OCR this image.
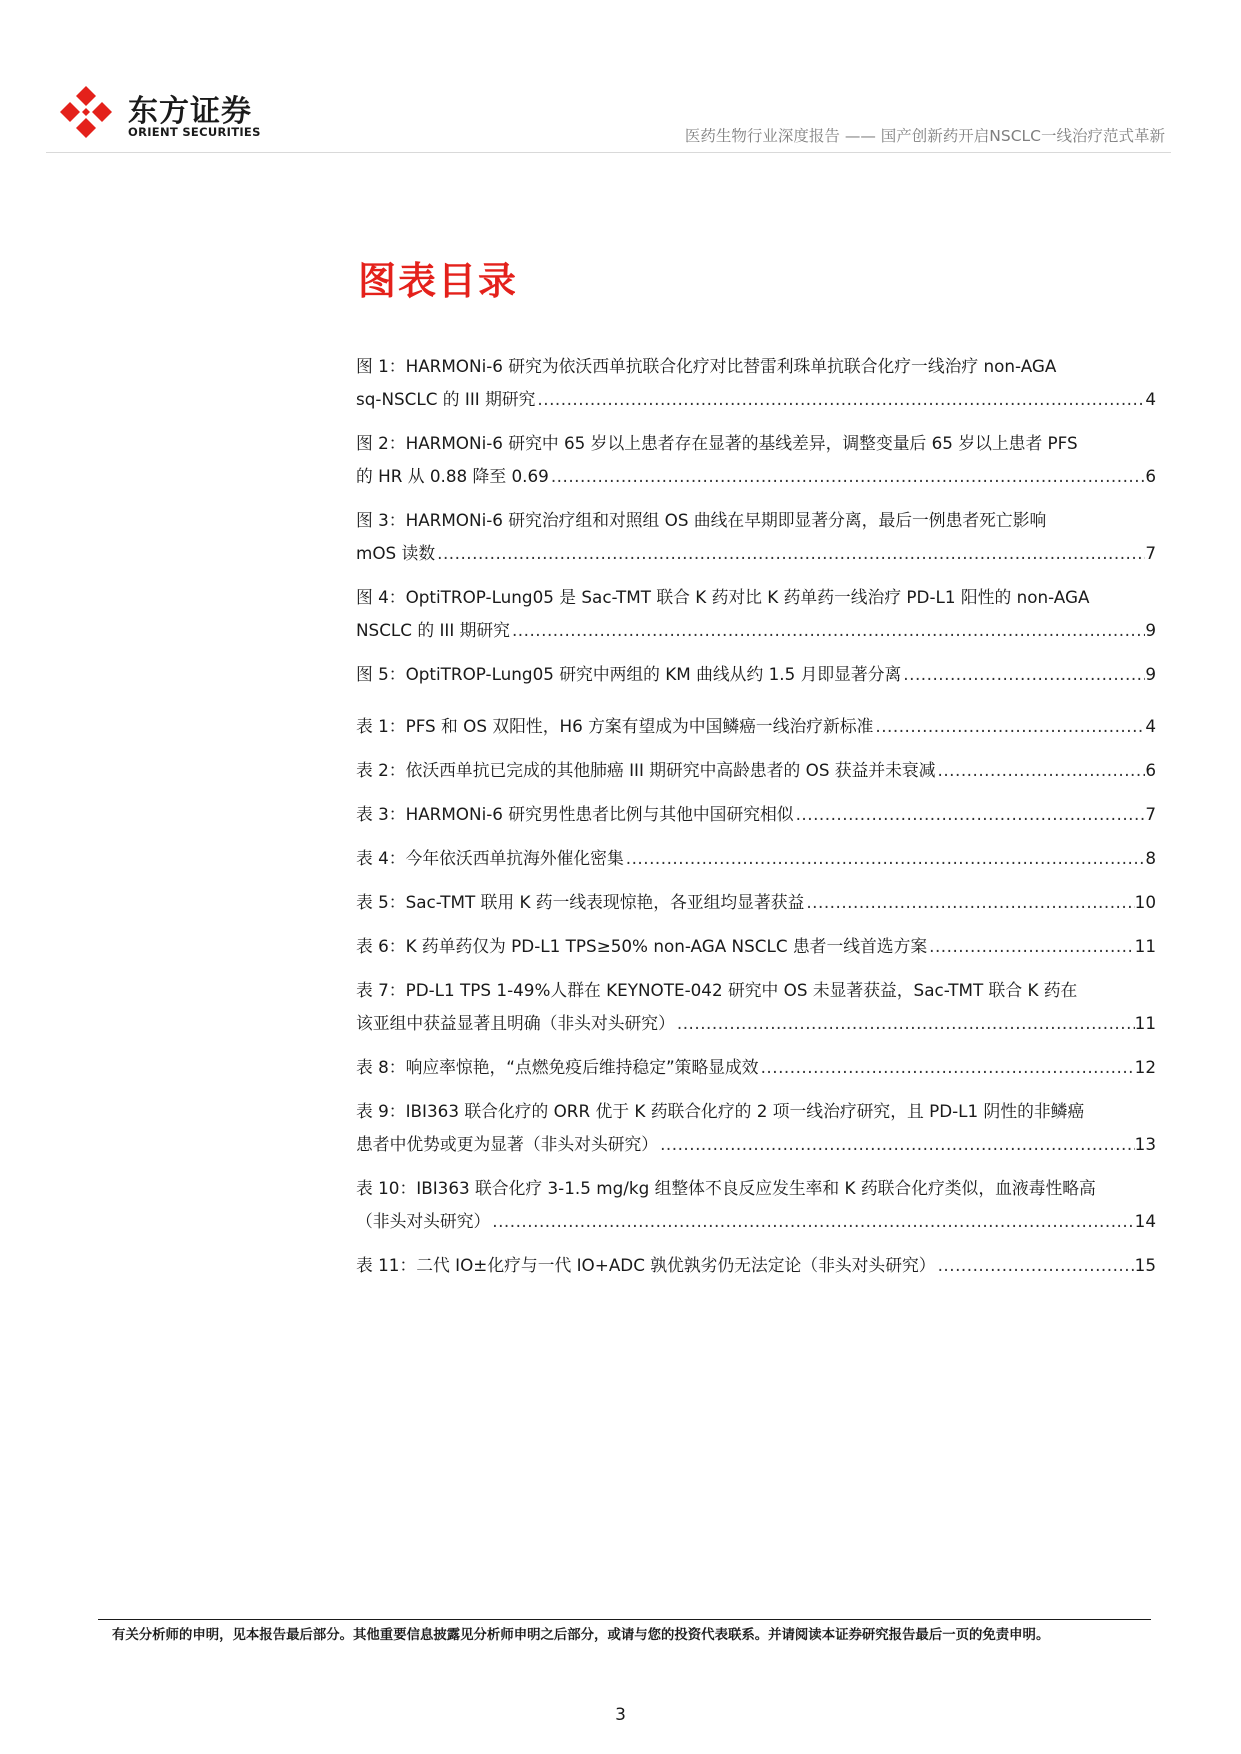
东方证券
ORIENT SECURITIES	医药生物行业深度报告 —— 国产创新药开启NSCLC一线治疗范式革新
图表目录
图 1：HARMONi-6 研究为依沃西单抗联合化疗对比替雷利珠单抗联合化疗一线治疗 non-AGA
sq-NSCLC 的 III 期研究 .....	4
图 2：HARMONi-6 研究中 65 岁以上患者存在显著的基线差异，调整变量后 65 岁以上患者 PFS
的 HR 从 0.88 降至 0.69 .....	6
图 3：HARMONi-6 研究治疗组和对照组 OS 曲线在早期即显著分离，最后一例患者死亡影响
mOS 读数 .....	7
图 4：OptiTROP-Lung05 是 Sac-TMT 联合 K 药对比 K 药单药一线治疗 PD-L1 阳性的 non-AGA
NSCLC 的 III 期研究 .....	9
图 5：OptiTROP-Lung05 研究中两组的 KM 曲线从约 1.5 月即显著分离 .....	9
表 1：PFS 和 OS 双阳性，H6 方案有望成为中国鳞癌一线治疗新标准 .....	4
表 2：依沃西单抗已完成的其他肺癌 III 期研究中高龄患者的 OS 获益并未衰减 .....	6
表 3：HARMONi-6 研究男性患者比例与其他中国研究相似 .....	7
表 4：今年依沃西单抗海外催化密集 .....	8
表 5：Sac-TMT 联用 K 药一线表现惊艳，各亚组均显著获益 .....	10
表 6：K 药单药仅为 PD-L1 TPS≥50% non-AGA NSCLC 患者一线首选方案 .....	11
表 7：PD-L1 TPS 1-49%人群在 KEYNOTE-042 研究中 OS 未显著获益，Sac-TMT 联合 K 药在
该亚组中获益显著且明确（非头对头研究） .....	11
表 8：响应率惊艳，“点燃免疫后维持稳定”策略显成效 .....	12
表 9：IBI363 联合化疗的 ORR 优于 K 药联合化疗的 2 项一线治疗研究，且 PD-L1 阴性的非鳞癌
患者中优势或更为显著（非头对头研究） .....	13
表 10：IBI363 联合化疗 3-1.5 mg/kg 组整体不良反应发生率和 K 药联合化疗类似，血液毒性略高
（非头对头研究） .....	14
表 11：二代 IO±化疗与一代 IO+ADC 孰优孰劣仍无法定论（非头对头研究） .....	15
有关分析师的申明，见本报告最后部分。其他重要信息披露见分析师申明之后部分，或请与您的投资代表联系。并请阅读本证券研究报告最后一页的免责申明。
3
